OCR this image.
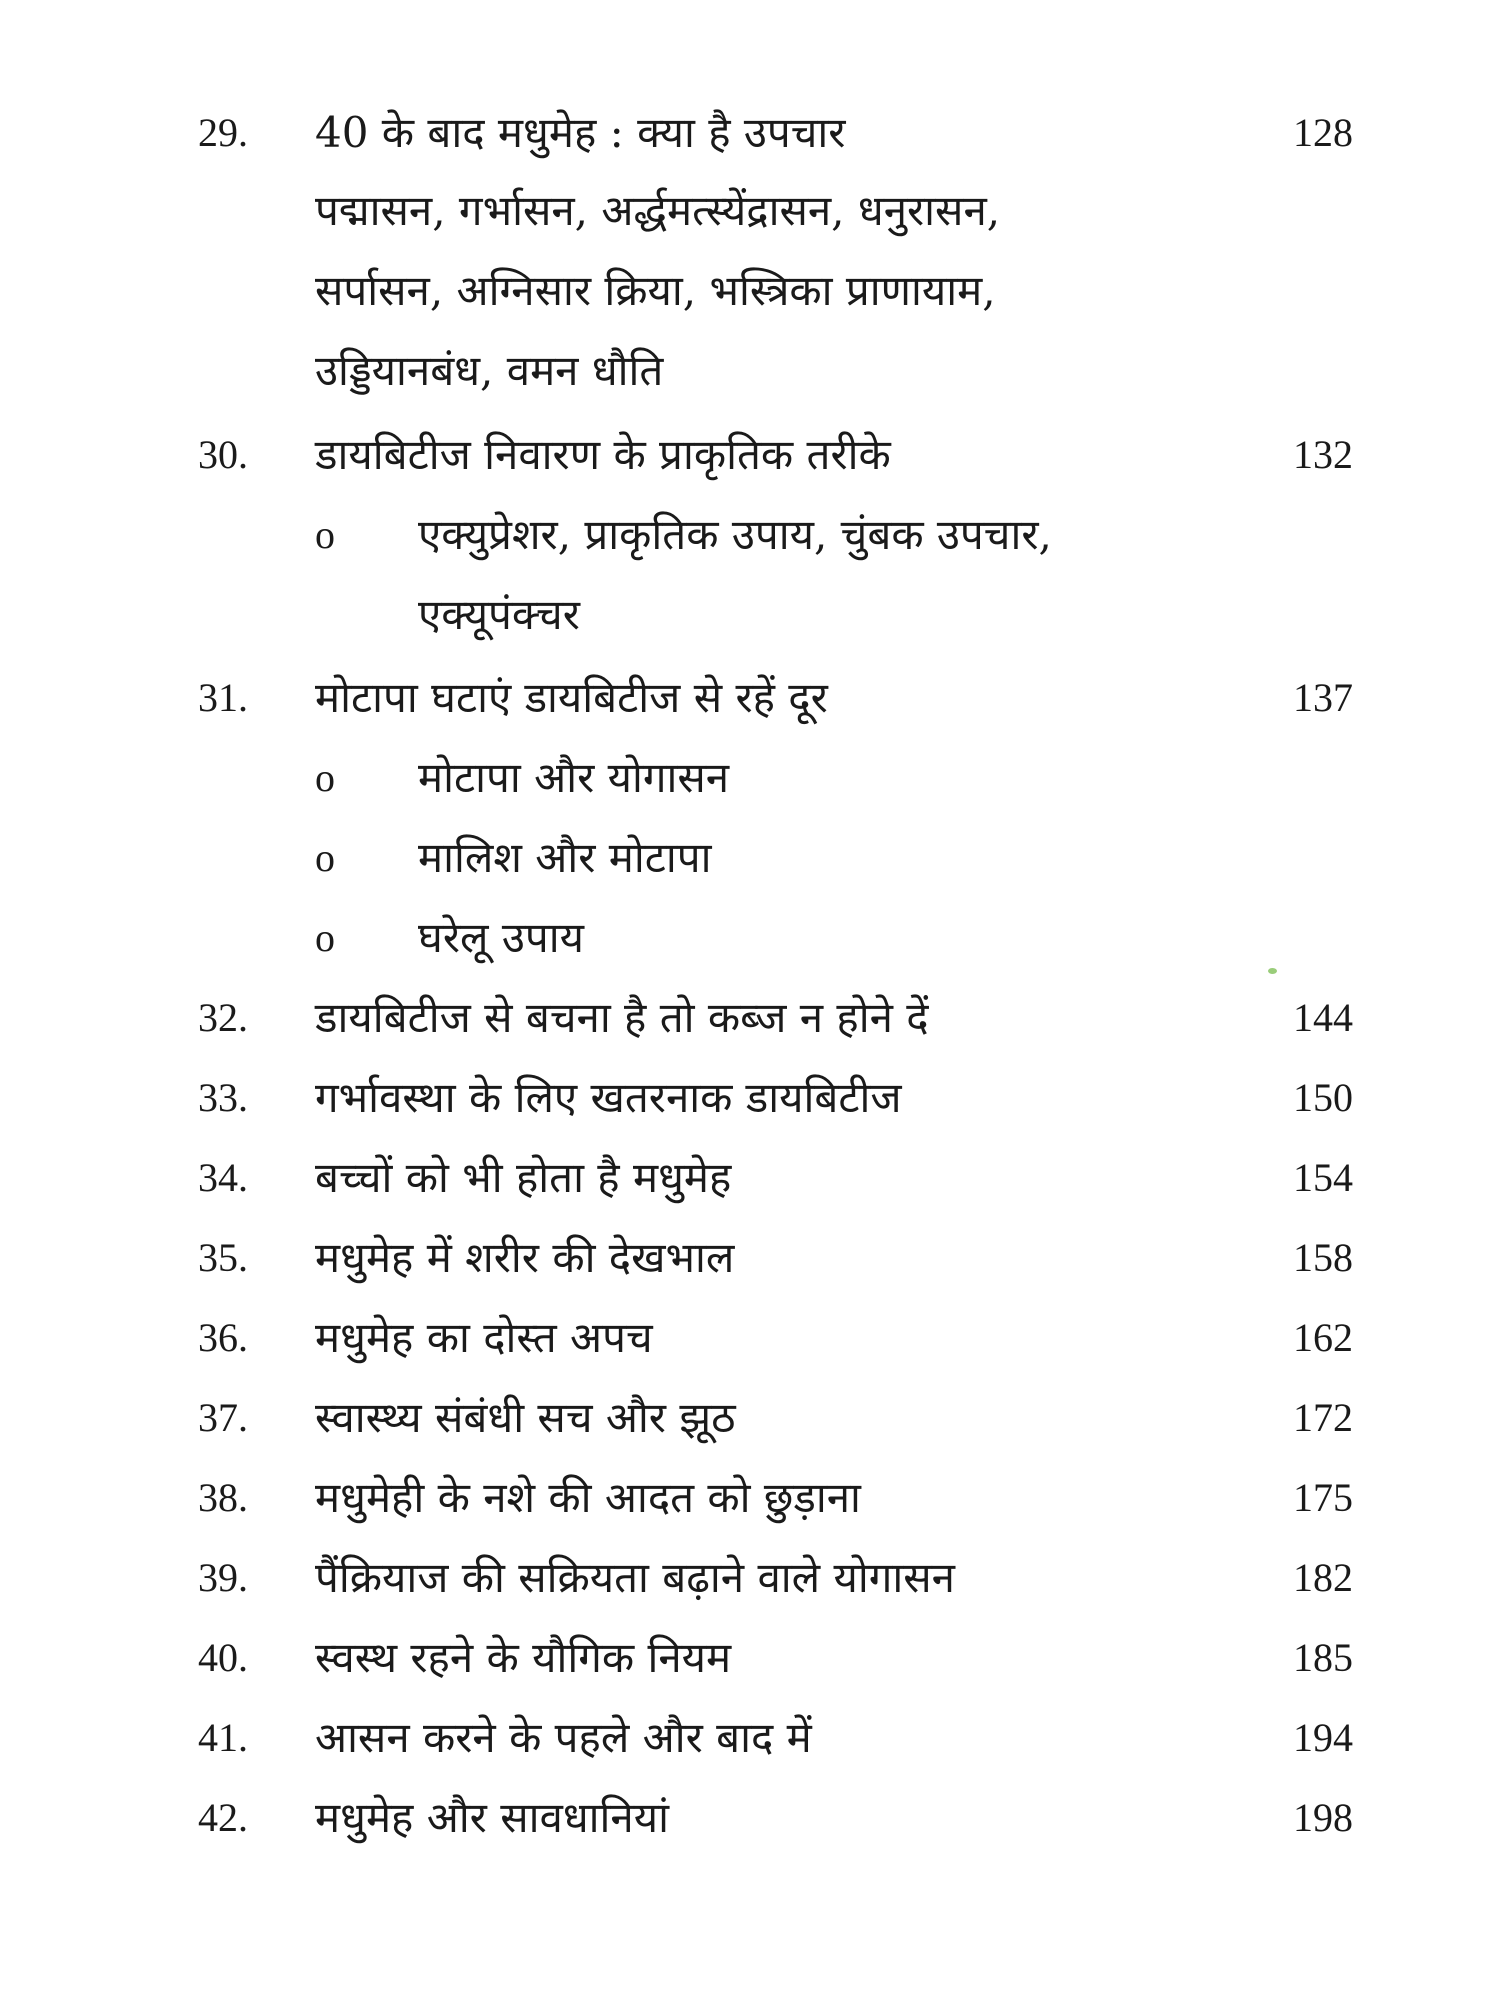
29. 40 के बाद मधुमेह : क्या है उपचार	128
पद्मासन, गर्भासन, अर्द्धमत्स्येंद्रासन, धनुरासन,
सर्पासन, अग्निसार क्रिया, भस्त्रिका प्राणायाम,
उड्डियानबंध, वमन धौति
30. डायबिटीज निवारण के प्राकृतिक तरीके	132
o एक्युप्रेशर, प्राकृतिक उपाय, चुंबक उपचार,
एक्यूपंक्चर
31. मोटापा घटाएं डायबिटीज से रहें दूर	137
o मोटापा और योगासन
o मालिश और मोटापा
o घरेलू उपाय
32. डायबिटीज से बचना है तो कब्ज न होने दें	144
33. गर्भावस्था के लिए खतरनाक डायबिटीज	150
34. बच्चों को भी होता है मधुमेह	154
35. मधुमेह में शरीर की देखभाल	158
36. मधुमेह का दोस्त अपच	162
37. स्वास्थ्य संबंधी सच और झूठ	172
38. मधुमेही के नशे की आदत को छुड़ाना	175
39. पैंक्रियाज की सक्रियता बढ़ाने वाले योगासन	182
40. स्वस्थ रहने के यौगिक नियम	185
41. आसन करने के पहले और बाद में	194
42. मधुमेह और सावधानियां	198
